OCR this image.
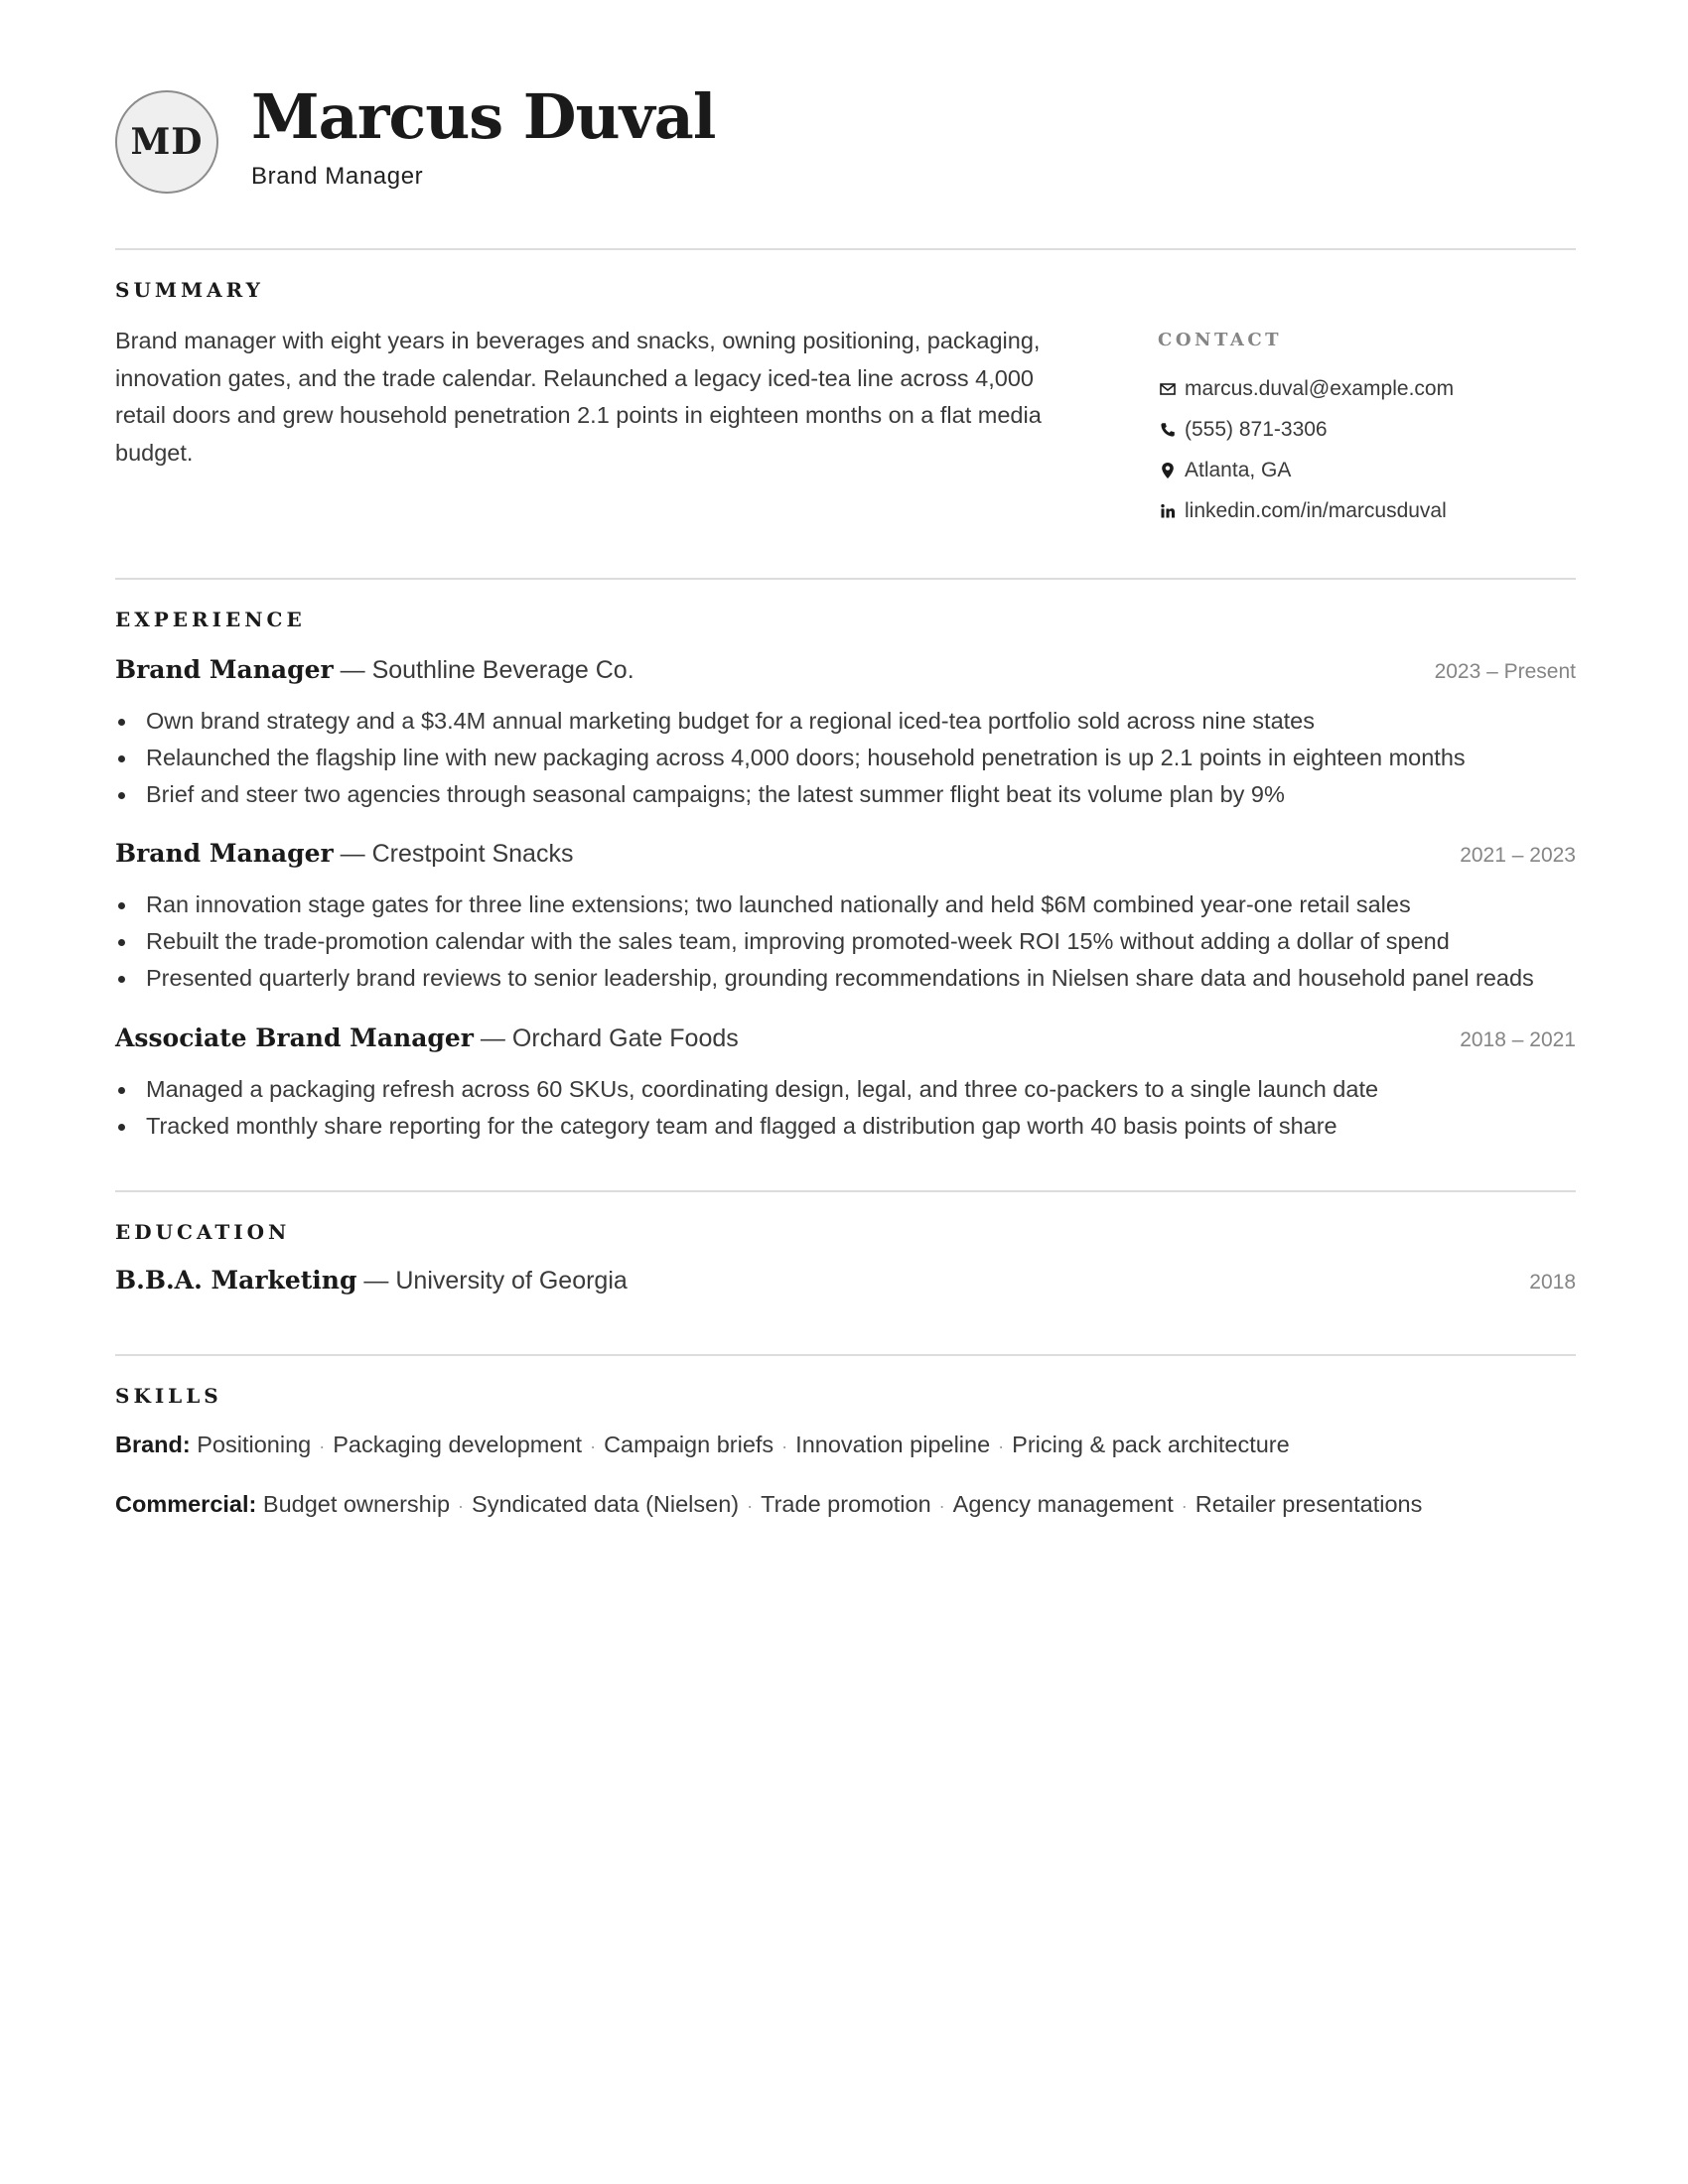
MD Marcus Duval
Brand Manager
SUMMARY

Brand manager with eight years in beverages and snacks, owning positioning, packaging, innovation gates, and the trade calendar. Relaunched a legacy iced-tea line across 4,000 retail doors and grew household penetration 2.1 points in eighteen months on a flat media budget.

CONTACT
marcus.duval@example.com
(555) 871-3306
Atlanta, GA
linkedin.com/in/marcusduval
EXPERIENCE
Brand Manager — Southline Beverage Co.	2023 – Present
Own brand strategy and a $3.4M annual marketing budget for a regional iced-tea portfolio sold across nine states
Relaunched the flagship line with new packaging across 4,000 doors; household penetration is up 2.1 points in eighteen months
Brief and steer two agencies through seasonal campaigns; the latest summer flight beat its volume plan by 9%
Brand Manager — Crestpoint Snacks	2021 – 2023
Ran innovation stage gates for three line extensions; two launched nationally and held $6M combined year-one retail sales
Rebuilt the trade-promotion calendar with the sales team, improving promoted-week ROI 15% without adding a dollar of spend
Presented quarterly brand reviews to senior leadership, grounding recommendations in Nielsen share data and household panel reads
Associate Brand Manager — Orchard Gate Foods	2018 – 2021
Managed a packaging refresh across 60 SKUs, coordinating design, legal, and three co-packers to a single launch date
Tracked monthly share reporting for the category team and flagged a distribution gap worth 40 basis points of share
EDUCATION
B.B.A. Marketing — University of Georgia	2018
SKILLS
Brand: Positioning · Packaging development · Campaign briefs · Innovation pipeline · Pricing & pack architecture
Commercial: Budget ownership · Syndicated data (Nielsen) · Trade promotion · Agency management · Retailer presentations
